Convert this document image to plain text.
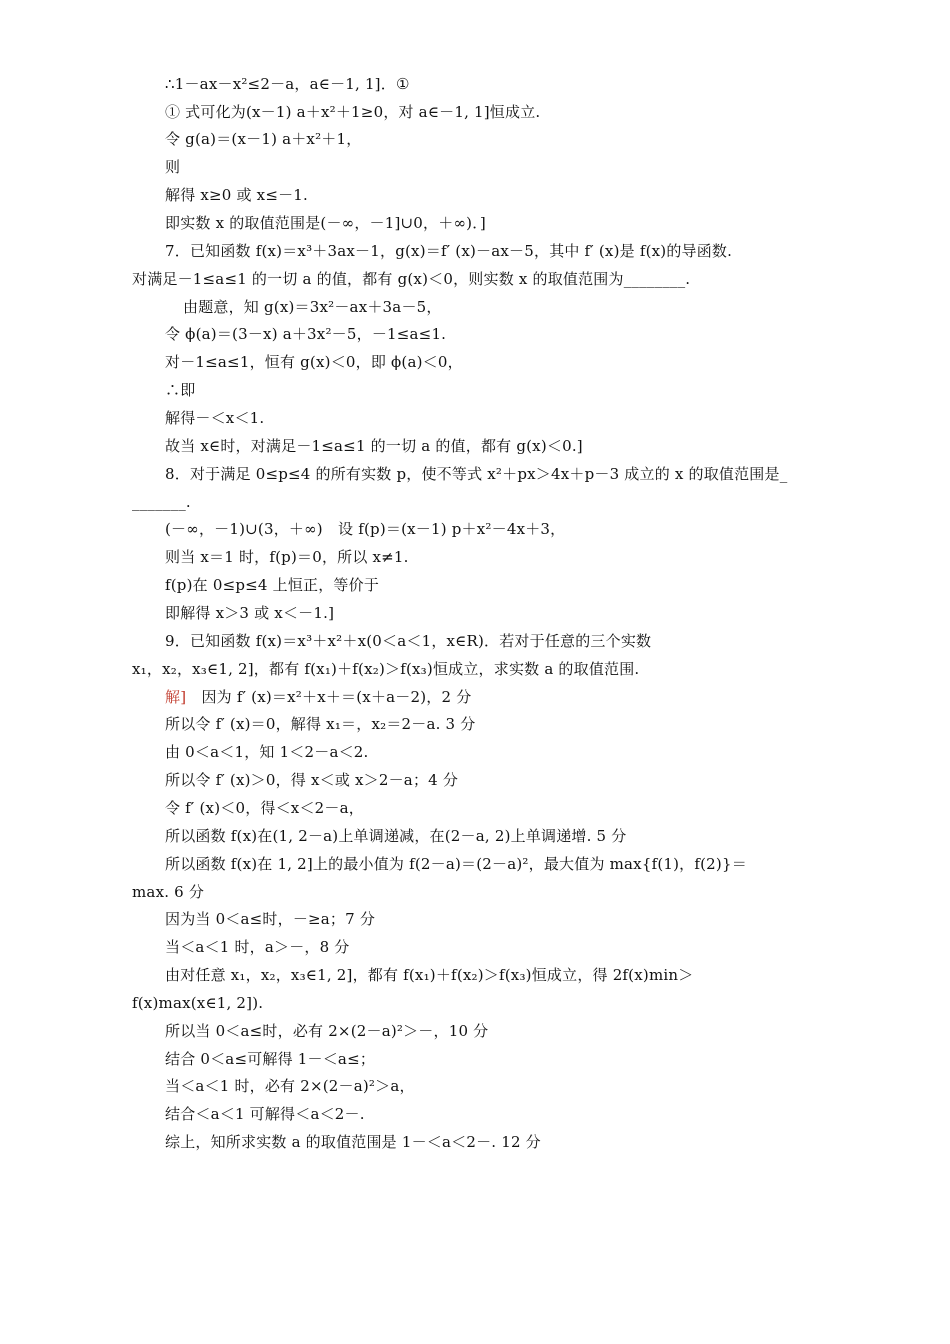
∴1－ax－x²≤2－a，a∈－1, 1]．①
① 式可化为(x－1) a＋x²＋1≥0，对 a∈－1, 1]恒成立.
令 g(a)＝(x－1) a＋x²＋1，
则
解得 x≥0 或 x≤－1.
即实数 x 的取值范围是(－∞，－1]∪0，＋∞)．]
7．已知函数 f(x)＝x³＋3ax－1，g(x)＝f′ (x)－ax－5，其中 f′ (x)是 f(x)的导函数.
对满足－1≤a≤1 的一切 a 的值，都有 g(x)＜0，则实数 x 的取值范围为________.
由题意，知 g(x)＝3x²－ax＋3a－5，
令 ϕ(a)＝(3－x) a＋3x²－5，－1≤a≤1.
对－1≤a≤1，恒有 g(x)＜0，即 ϕ(a)＜0，
∴即
解得－＜x＜1.
故当 x∈时，对满足－1≤a≤1 的一切 a 的值，都有 g(x)＜0.]
8．对于满足 0≤p≤4 的所有实数 p，使不等式 x²＋px＞4x＋p－3 成立的 x 的取值范围是_
_______.
(－∞，－1)∪(3，＋∞)　设 f(p)＝(x－1) p＋x²－4x＋3，
则当 x＝1 时，f(p)＝0，所以 x≠1.
f(p)在 0≤p≤4 上恒正，等价于
即解得 x＞3 或 x＜－1.]
9．已知函数 f(x)＝x³＋x²＋x(0＜a＜1，x∈R)．若对于任意的三个实数
x₁，x₂，x₃∈1, 2]，都有 f(x₁)＋f(x₂)＞f(x₃)恒成立，求实数 a 的取值范围.
解]　因为 f′ (x)＝x²＋x＋＝(x＋a－2)，2 分
所以令 f′ (x)＝0，解得 x₁＝，x₂＝2－a. 3 分
由 0＜a＜1，知 1＜2－a＜2.
所以令 f′ (x)＞0，得 x＜或 x＞2－a；4 分
令 f′ (x)＜0，得＜x＜2－a，
所以函数 f(x)在(1, 2－a)上单调递减，在(2－a, 2)上单调递增. 5 分
所以函数 f(x)在 1, 2]上的最小值为 f(2－a)＝(2－a)²，最大值为 max{f(1)，f(2)}＝
max. 6 分
因为当 0＜a≤时，－≥a；7 分
当＜a＜1 时，a＞－，8 分
由对任意 x₁，x₂，x₃∈1, 2]，都有 f(x₁)＋f(x₂)＞f(x₃)恒成立，得 2f(x)min＞
f(x)max(x∈1, 2]).
所以当 0＜a≤时，必有 2×(2－a)²＞－，10 分
结合 0＜a≤可解得 1－＜a≤；
当＜a＜1 时，必有 2×(2－a)²＞a，
结合＜a＜1 可解得＜a＜2－.
综上，知所求实数 a 的取值范围是 1－＜a＜2－. 12 分
